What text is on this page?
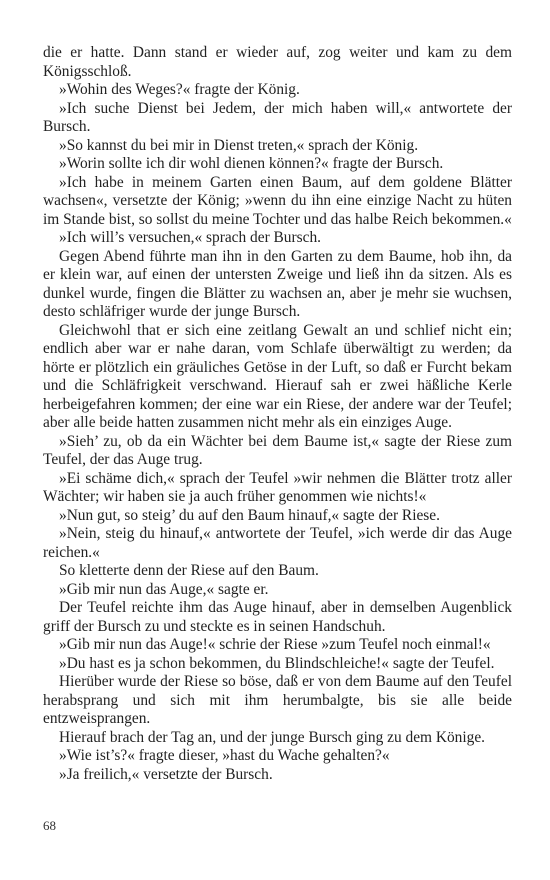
die er hatte. Dann stand er wieder auf, zog weiter und kam zu dem Königsschloß.

»Wohin des Weges?« fragte der König.

»Ich suche Dienst bei Jedem, der mich haben will,« antwortete der Bursch.

»So kannst du bei mir in Dienst treten,« sprach der König.

»Worin sollte ich dir wohl dienen können?« fragte der Bursch.

»Ich habe in meinem Garten einen Baum, auf dem goldene Blätter wachsen«, versetzte der König; »wenn du ihn eine einzige Nacht zu hüten im Stande bist, so sollst du meine Tochter und das halbe Reich bekommen.«

»Ich will’s versuchen,« sprach der Bursch.

Gegen Abend führte man ihn in den Garten zu dem Baume, hob ihn, da er klein war, auf einen der untersten Zweige und ließ ihn da sitzen. Als es dunkel wurde, fingen die Blätter zu wachsen an, aber je mehr sie wuchsen, desto schläfriger wurde der junge Bursch.

Gleichwohl that er sich eine zeitlang Gewalt an und schlief nicht ein; endlich aber war er nahe daran, vom Schlafe überwältigt zu werden; da hörte er plötzlich ein gräuliches Getöse in der Luft, so daß er Furcht bekam und die Schläfrigkeit verschwand. Hierauf sah er zwei häßliche Kerle herbeigefahren kommen; der eine war ein Riese, der andere war der Teufel; aber alle beide hatten zusammen nicht mehr als ein einziges Auge.

»Sieh’ zu, ob da ein Wächter bei dem Baume ist,« sagte der Riese zum Teufel, der das Auge trug.

»Ei schäme dich,« sprach der Teufel »wir nehmen die Blätter trotz aller Wächter; wir haben sie ja auch früher genommen wie nichts!«

»Nun gut, so steig’ du auf den Baum hinauf,« sagte der Riese.

»Nein, steig du hinauf,« antwortete der Teufel, »ich werde dir das Auge reichen.«

So kletterte denn der Riese auf den Baum.

»Gib mir nun das Auge,« sagte er.

Der Teufel reichte ihm das Auge hinauf, aber in demselben Augenblick griff der Bursch zu und steckte es in seinen Handschuh.

»Gib mir nun das Auge!« schrie der Riese »zum Teufel noch einmal!«

»Du hast es ja schon bekommen, du Blindschleiche!« sagte der Teufel.

Hierüber wurde der Riese so böse, daß er von dem Baume auf den Teufel herabsprang und sich mit ihm herumbalgte, bis sie alle beide entzweisprangen.

Hierauf brach der Tag an, und der junge Bursch ging zu dem Könige.

»Wie ist’s?« fragte dieser, »hast du Wache gehalten?«

»Ja freilich,« versetzte der Bursch.

68
